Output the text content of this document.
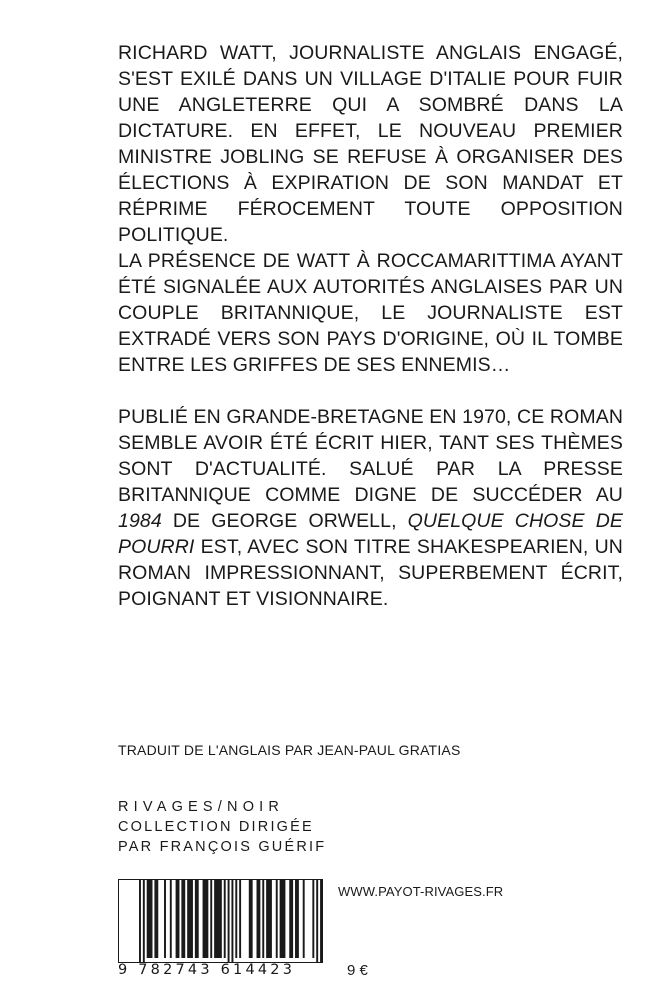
RICHARD WATT, JOURNALISTE ANGLAIS ENGAGÉ, S'EST EXILÉ DANS UN VILLAGE D'ITALIE POUR FUIR UNE ANGLETERRE QUI A SOMBRÉ DANS LA DICTATURE. EN EFFET, LE NOUVEAU PREMIER MINISTRE JOBLING SE REFUSE À ORGANISER DES ÉLECTIONS À EXPIRATION DE SON MANDAT ET RÉPRIME FÉROCEMENT TOUTE OPPOSITION POLITIQUE.

LA PRÉSENCE DE WATT À ROCCAMARITTIMA AYANT ÉTÉ SIGNALÉE AUX AUTORITÉS ANGLAISES PAR UN COUPLE BRITANNIQUE, LE JOURNALISTE EST EXTRADÉ VERS SON PAYS D'ORIGINE, OÙ IL TOMBE ENTRE LES GRIFFES DE SES ENNEMIS…

PUBLIÉ EN GRANDE-BRETAGNE EN 1970, CE ROMAN SEMBLE AVOIR ÉTÉ ÉCRIT HIER, TANT SES THÈMES SONT D'ACTUALITÉ. SALUÉ PAR LA PRESSE BRITANNIQUE COMME DIGNE DE SUCCÉDER AU 1984 DE GEORGE ORWELL, QUELQUE CHOSE DE POURRI EST, AVEC SON TITRE SHAKESPEARIEN, UN ROMAN IMPRESSIONNANT, SUPERBEMENT ÉCRIT, POIGNANT ET VISIONNAIRE.

TRADUIT DE L'ANGLAIS PAR JEAN-PAUL GRATIAS
RIVAGES/NOIR
COLLECTION DIRIGÉE
PAR FRANÇOIS GUÉRIF
9 782743 614423	9 €
WWW.PAYOT-RIVAGES.FR
